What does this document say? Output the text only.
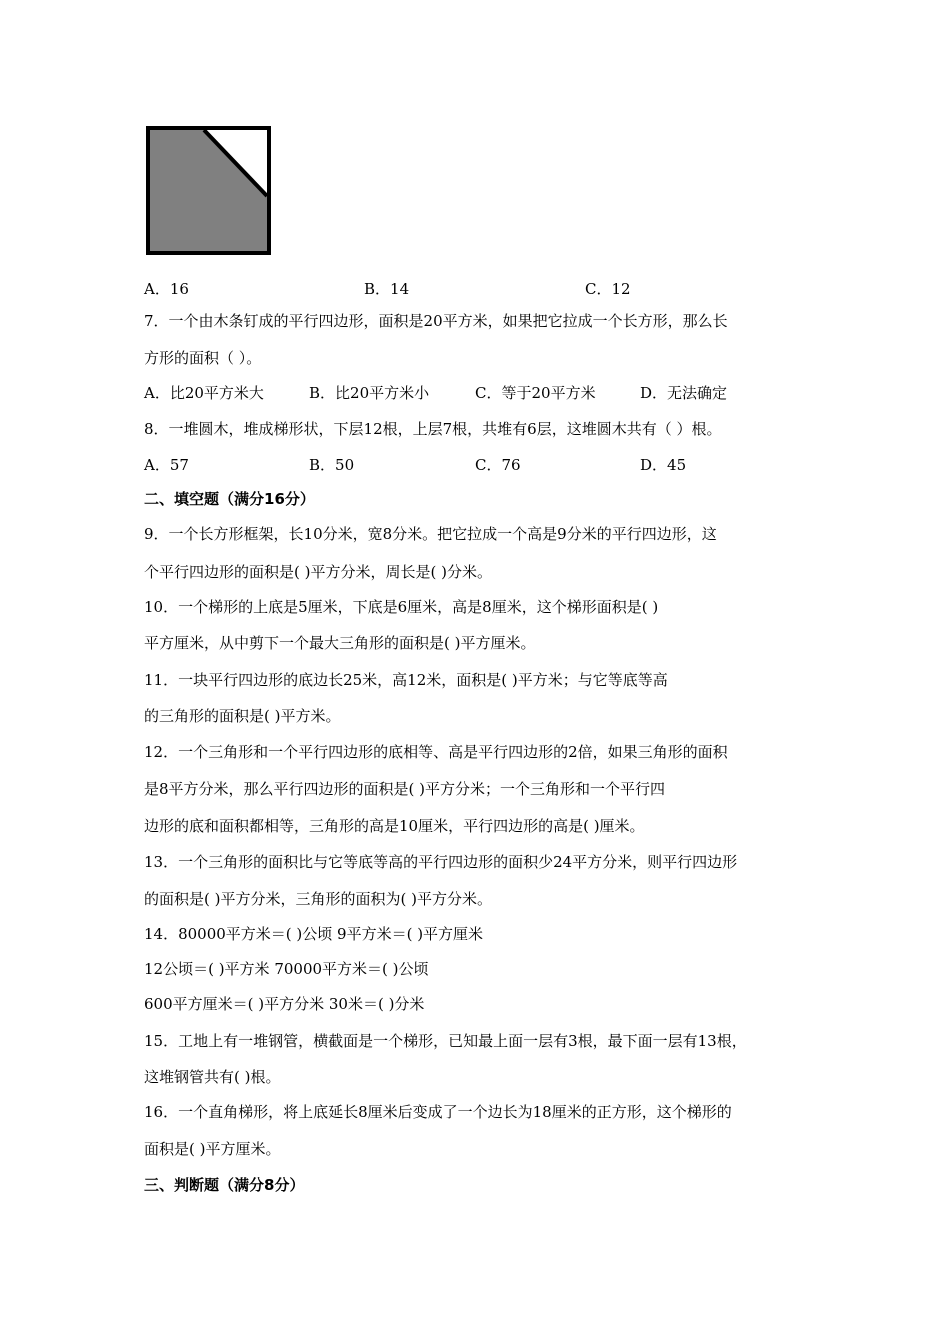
A．16	B．14	C．12
7．一个由木条钉成的平行四边形，面积是20平方米，如果把它拉成一个长方形，那么长
方形的面积（ ）。
A．比20平方米大	B．比20平方米小	C．等于20平方米	D．无法确定
8．一堆圆木，堆成梯形状，下层12根，上层7根，共堆有6层，这堆圆木共有（ ）根。
A．57	B．50	C．76	D．45
二、填空题（满分16分）
9．一个长方形框架，长10分米，宽8分米。把它拉成一个高是9分米的平行四边形，这
个平行四边形的面积是( )平方分米，周长是( )分米。
10．一个梯形的上底是5厘米，下底是6厘米，高是8厘米，这个梯形面积是( )
平方厘米，从中剪下一个最大三角形的面积是( )平方厘米。
11．一块平行四边形的底边长25米，高12米，面积是( )平方米；与它等底等高
的三角形的面积是( )平方米。
12．一个三角形和一个平行四边形的底相等、高是平行四边形的2倍，如果三角形的面积
是8平方分米，那么平行四边形的面积是( )平方分米；一个三角形和一个平行四
边形的底和面积都相等，三角形的高是10厘米，平行四边形的高是( )厘米。
13．一个三角形的面积比与它等底等高的平行四边形的面积少24平方分米，则平行四边形
的面积是( )平方分米，三角形的面积为( )平方分米。
14．80000平方米＝( )公顷 9平方米＝( )平方厘米
12公顷＝( )平方米 70000平方米＝( )公顷
600平方厘米＝( )平方分米 30米＝( )分米
15．工地上有一堆钢管，横截面是一个梯形，已知最上面一层有3根，最下面一层有13根，
这堆钢管共有( )根。
16．一个直角梯形，将上底延长8厘米后变成了一个边长为18厘米的正方形，这个梯形的
面积是( )平方厘米。
三、判断题（满分8分）
